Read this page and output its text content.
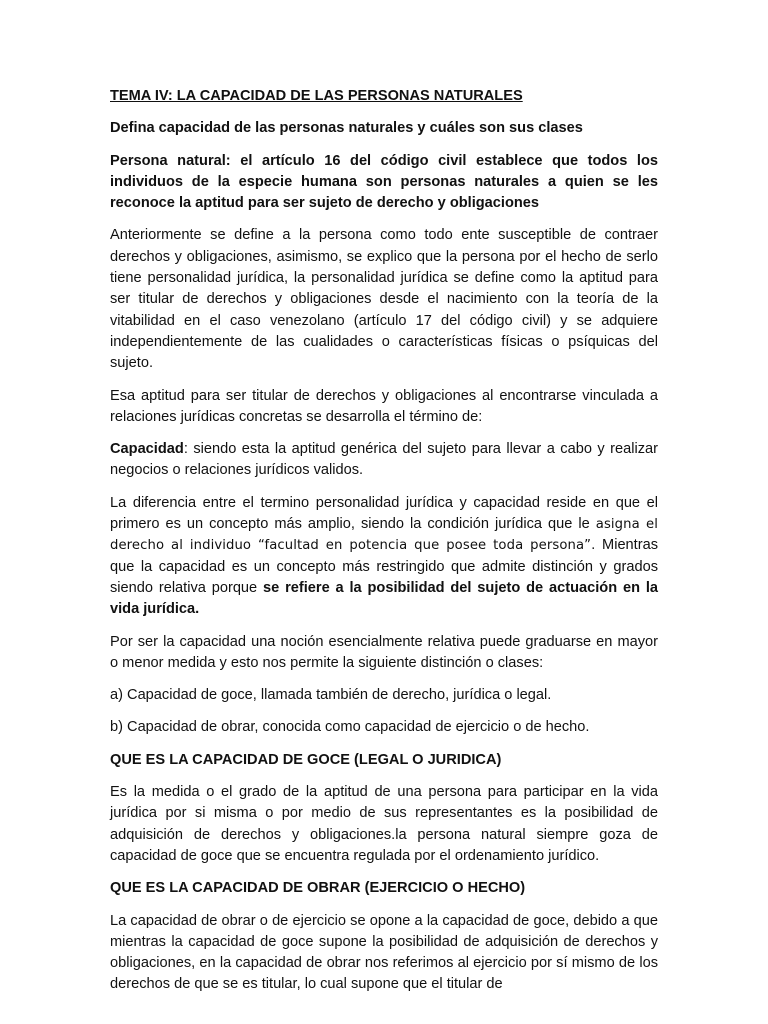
TEMA IV: LA CAPACIDAD DE LAS PERSONAS NATURALES

Defina capacidad de las personas naturales y cuáles son sus clases

Persona natural: el artículo 16 del código civil establece que todos los individuos de la especie humana son personas naturales a quien se les reconoce la aptitud para ser sujeto de derecho y obligaciones

Anteriormente se define a la persona como todo ente susceptible de contraer derechos y obligaciones, asimismo, se explico que la persona por el hecho de serlo tiene personalidad jurídica, la personalidad jurídica se define como la aptitud para ser titular de derechos y obligaciones desde el nacimiento con la teoría de la vitabilidad en el caso venezolano (artículo 17 del código civil) y se adquiere independientemente de las cualidades o características físicas o psíquicas del sujeto.

Esa aptitud para ser titular de derechos y obligaciones al encontrarse vinculada a relaciones jurídicas concretas se desarrolla el término de:

Capacidad: siendo esta la aptitud genérica del sujeto para llevar a cabo y realizar negocios o relaciones jurídicos validos.

La diferencia entre el termino personalidad jurídica y capacidad reside en que el primero es un concepto más amplio, siendo la condición jurídica que le asigna el derecho al individuo “facultad en potencia que posee toda persona”. Mientras que la capacidad es un concepto más restringido que admite distinción y grados siendo relativa porque se refiere a la posibilidad del sujeto de actuación en la vida jurídica.

Por ser la capacidad una noción esencialmente relativa puede graduarse en mayor o menor medida y esto nos permite la siguiente distinción o clases:

a) Capacidad de goce, llamada también de derecho, jurídica o legal.

b) Capacidad de obrar, conocida como capacidad de ejercicio o de hecho.

QUE ES LA CAPACIDAD DE GOCE (LEGAL O JURIDICA)

Es la medida o el grado de la aptitud de una persona para participar en la vida jurídica por si misma o por medio de sus representantes es la posibilidad de adquisición de derechos y obligaciones.la persona natural siempre goza de capacidad de goce que se encuentra regulada por el ordenamiento jurídico.

QUE ES LA CAPACIDAD DE OBRAR (EJERCICIO O HECHO)

La capacidad de obrar o de ejercicio se opone a la capacidad de goce, debido a que mientras la capacidad de goce supone la posibilidad de adquisición de derechos y obligaciones, en la capacidad de obrar nos referimos al ejercicio por sí mismo de los derechos de que se es titular, lo cual supone que el titular de
